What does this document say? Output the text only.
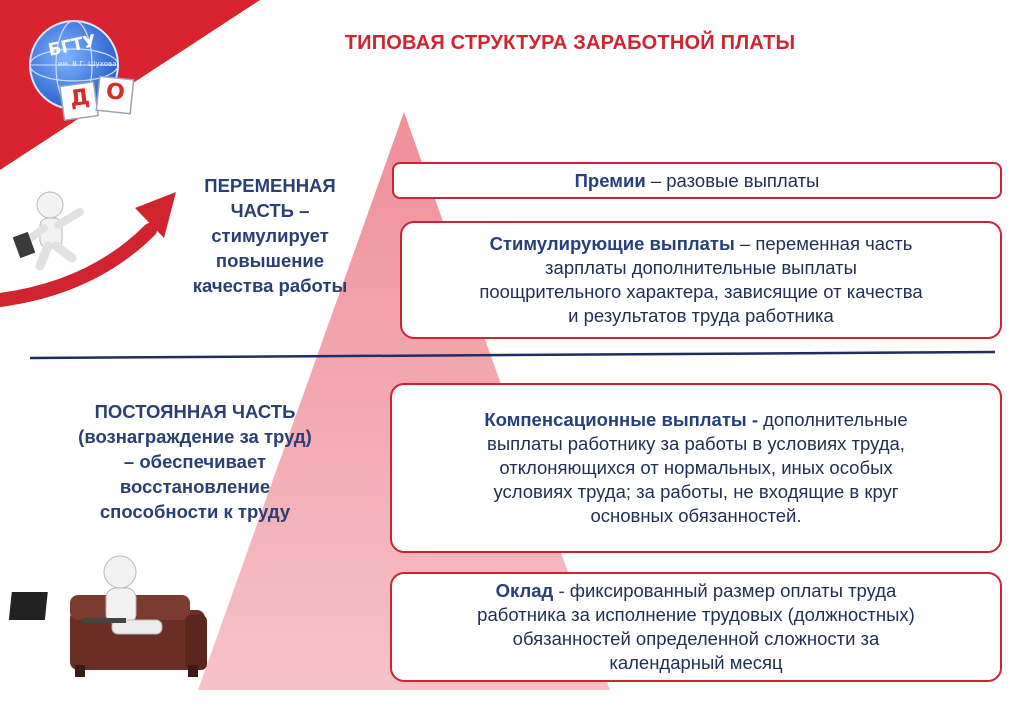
БГТУ
им. В.Г. Шухова
Д О
ТИПОВАЯ СТРУКТУРА ЗАРАБОТНОЙ ПЛАТЫ
ПЕРЕМЕННАЯ
ЧАСТЬ –
стимулирует
повышение
качества работы
ПОСТОЯННАЯ ЧАСТЬ
(вознаграждение за труд)
– обеспечивает
восстановление
способности к труду
Премии – разовые выплаты
Стимулирующие выплаты – переменная часть
зарплаты дополнительные выплаты
поощрительного характера, зависящие от качества
и результатов труда работника
Компенсационные выплаты - дополнительные
выплаты работнику за работы в условиях труда,
отклоняющихся от нормальных, иных особых
условиях труда; за работы, не входящие в круг
основных обязанностей.
Оклад - фиксированный размер оплаты труда
работника за исполнение трудовых (должностных)
обязанностей определенной сложности за
календарный месяц
